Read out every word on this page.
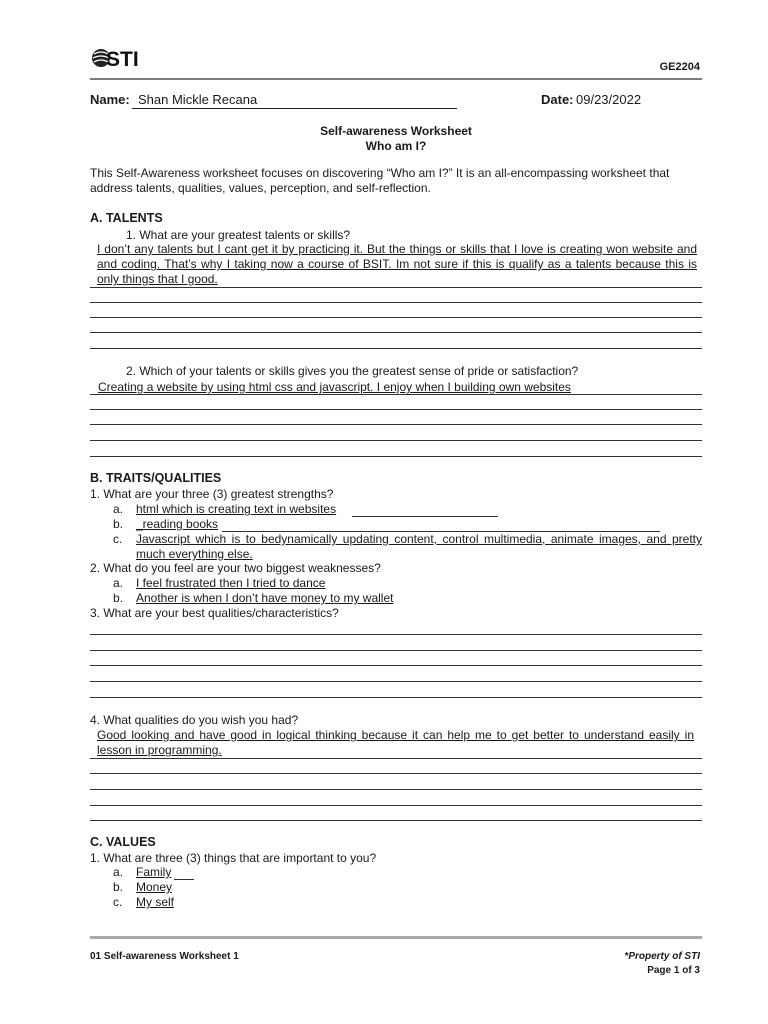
STI	GE2204
Name: Shan Mickle Recana	Date: 09/23/2022
Self-awareness Worksheet
Who am I?
This Self-Awareness worksheet focuses on discovering “Who am I?” It is an all-encompassing worksheet that address talents, qualities, values, perception, and self-reflection.
A. TALENTS
1. What are your greatest talents or skills?
I don’t any talents but I cant get it by practicing it. But the things or skills that I love is creating won website and and coding. That’s why I taking now a course of BSIT. Im not sure if this is qualify as a talents because this is only things that I good.
2. Which of your talents or skills gives you the greatest sense of pride or satisfaction?
Creating a website by using html css and javascript. I enjoy when I building own websites
B. TRAITS/QUALITIES
1. What are your three (3) greatest strengths?
a. html which is creating text in websites
b. _reading books
c. Javascript which is to bedynamically updating content, control multimedia, animate images, and pretty much everything else.
2. What do you feel are your two biggest weaknesses?
a. I feel frustrated then I tried to dance
b. Another is when I don’t have money to my wallet
3. What are your best qualities/characteristics?
4. What qualities do you wish you had?
Good looking and have good in logical thinking because it can help me to get better to understand easily in lesson in programming.
C. VALUES
1. What are three (3) things that are important to you?
a. Family
b. Money
c. My self
01 Self-awareness Worksheet 1	*Property of STI
Page 1 of 3
